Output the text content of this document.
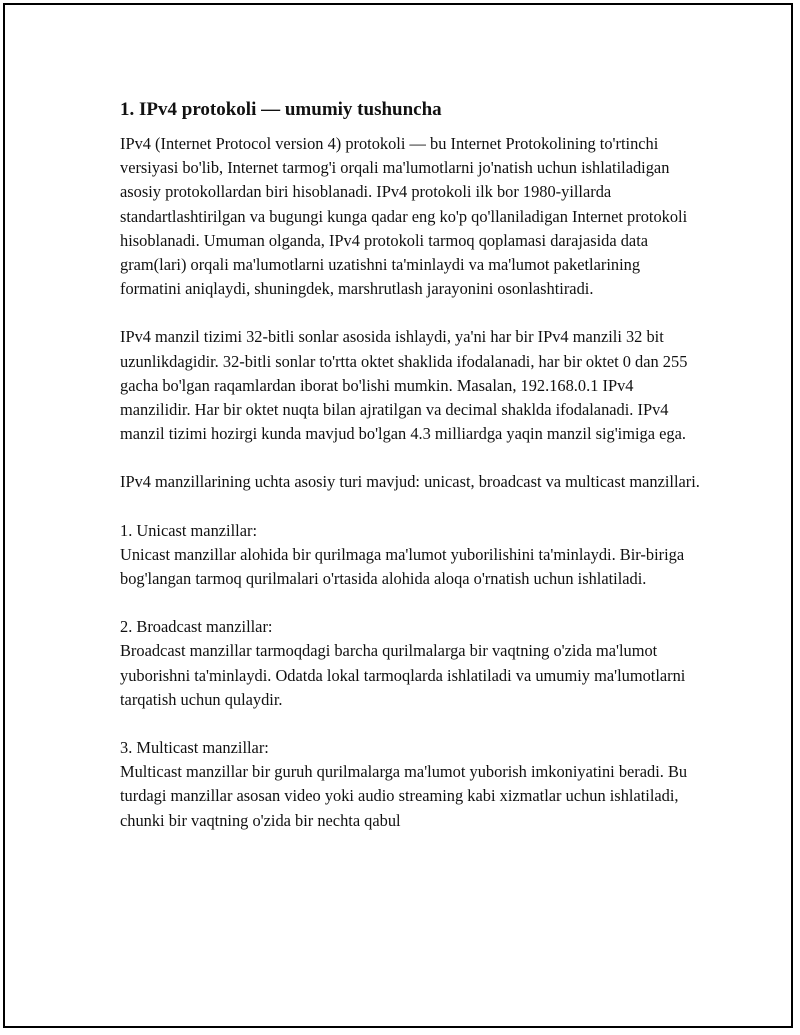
1. IPv4 protokoli — umumiy tushuncha

IPv4 (Internet Protocol version 4) protokoli — bu Internet Protokolining to'rtinchi versiyasi bo'lib, Internet tarmog'i orqali ma'lumotlarni jo'natish uchun ishlatiladigan asosiy protokollardan biri hisoblanadi. IPv4 protokoli ilk bor 1980-yillarda standartlashtirilgan va bugungi kunga qadar eng ko'p qo'llaniladigan Internet protokoli hisoblanadi. Umuman olganda, IPv4 protokoli tarmoq qoplamasi darajasida data gram(lari) orqali ma'lumotlarni uzatishni ta'minlaydi va ma'lumot paketlarining formatini aniqlaydi, shuningdek, marshrutlash jarayonini osonlashtiradi.

IPv4 manzil tizimi 32-bitli sonlar asosida ishlaydi, ya'ni har bir IPv4 manzili 32 bit uzunlikdagidir. 32-bitli sonlar to'rtta oktet shaklida ifodalanadi, har bir oktet 0 dan 255 gacha bo'lgan raqamlardan iborat bo'lishi mumkin. Masalan, 192.168.0.1 IPv4 manzilidir. Har bir oktet nuqta bilan ajratilgan va decimal shaklda ifodalanadi. IPv4 manzil tizimi hozirgi kunda mavjud bo'lgan 4.3 milliardga yaqin manzil sig'imiga ega.

IPv4 manzillarining uchta asosiy turi mavjud: unicast, broadcast va multicast manzillari.

1. Unicast manzillar:
Unicast manzillar alohida bir qurilmaga ma'lumot yuborilishini ta'minlaydi. Bir-biriga bog'langan tarmoq qurilmalari o'rtasida alohida aloqa o'rnatish uchun ishlatiladi.

2. Broadcast manzillar:
Broadcast manzillar tarmoqdagi barcha qurilmalarga bir vaqtning o'zida ma'lumot yuborishni ta'minlaydi. Odatda lokal tarmoqlarda ishlatiladi va umumiy ma'lumotlarni tarqatish uchun qulaydir.

3. Multicast manzillar:
Multicast manzillar bir guruh qurilmalarga ma'lumot yuborish imkoniyatini beradi. Bu turdagi manzillar asosan video yoki audio streaming kabi xizmatlar uchun ishlatiladi, chunki bir vaqtning o'zida bir nechta qabul
